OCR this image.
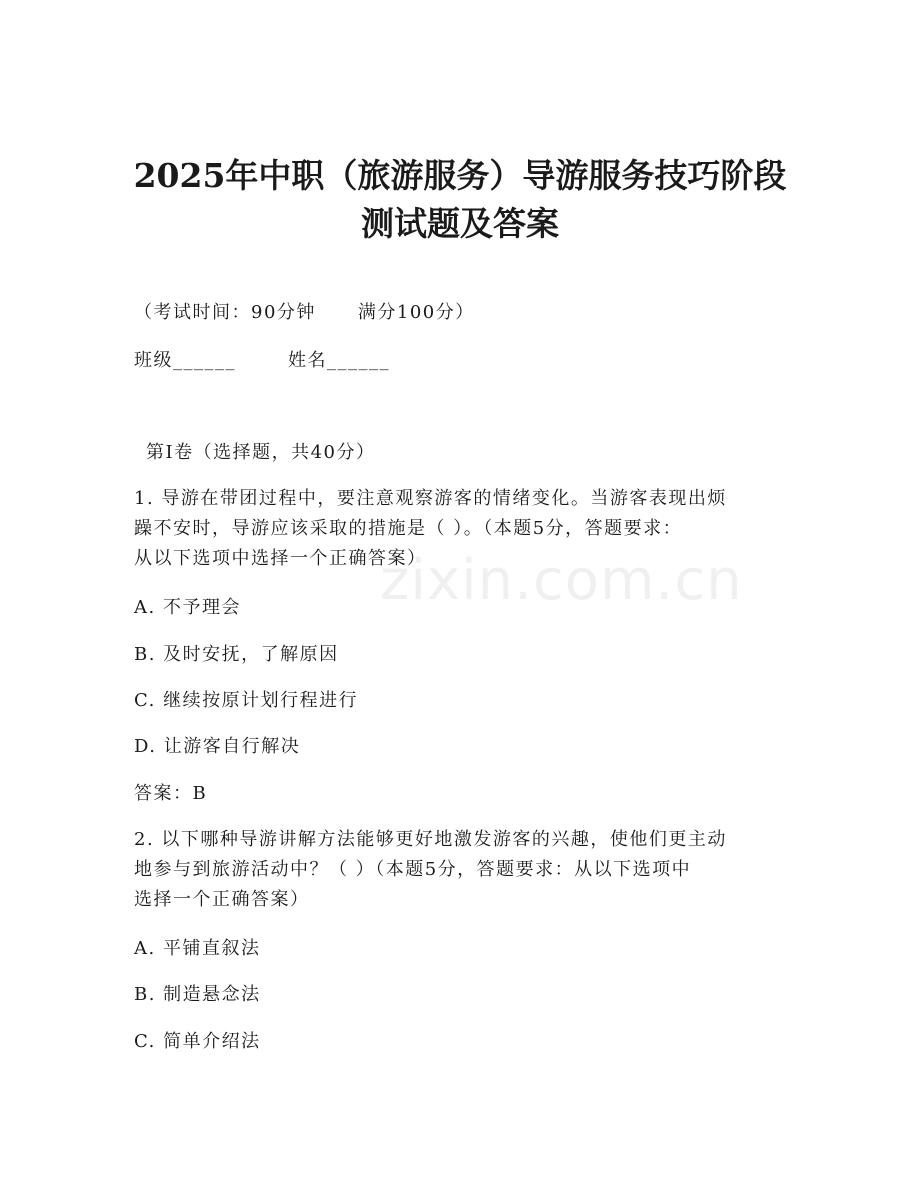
2025年中职（旅游服务）导游服务技巧阶段
测试题及答案
（考试时间：90分钟 满分100分）
班级______	姓名______
第Ⅰ卷（选择题，共40分）
1. 导游在带团过程中，要注意观察游客的情绪变化。当游客表现出烦
躁不安时，导游应该采取的措施是（ ）。（本题5分，答题要求：
从以下选项中选择一个正确答案）
A. 不予理会
B. 及时安抚，了解原因
C. 继续按原计划行程进行
D. 让游客自行解决
答案：B
2. 以下哪种导游讲解方法能够更好地激发游客的兴趣，使他们更主动
地参与到旅游活动中？（ ）（本题5分，答题要求：从以下选项中
选择一个正确答案）
A. 平铺直叙法
B. 制造悬念法
C. 简单介绍法
zixin.com.cn
